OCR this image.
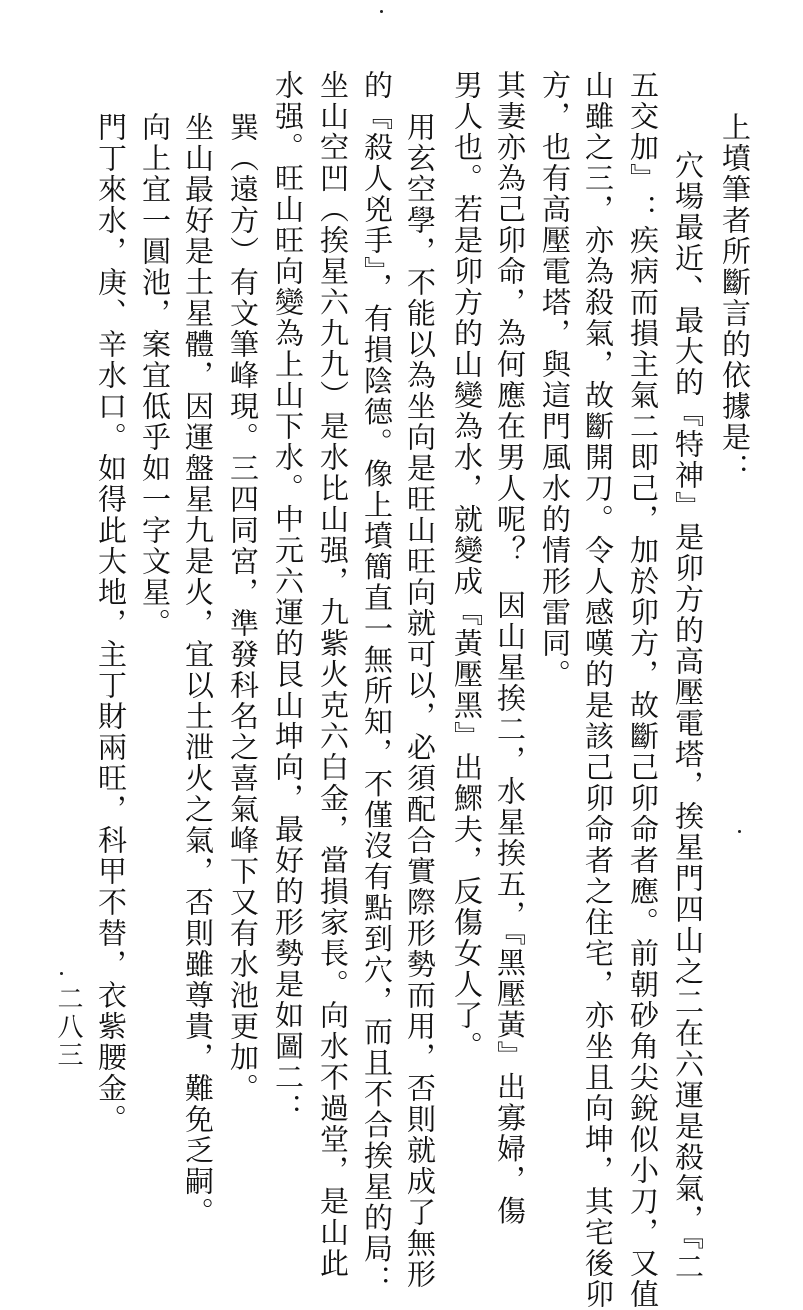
上墳筆者所斷言的依據是：
穴場最近、最大的『特神』是卯方的高壓電塔，挨星門四山之二在六運是殺氣，『二
五交加』：疾病而損主氣二即己，加於卯方，故斷己卯命者應。前朝砂角尖銳似小刀，又值
山雖之三，亦為殺氣，故斷開刀。令人感嘆的是該己卯命者之住宅，亦坐且向坤，其宅後卯
方，也有高壓電塔，與這門風水的情形雷同。
其妻亦為己卯命，為何應在男人呢？
因山星挨二，水星挨五，『黑壓黃』出寡婦，傷
男人也。若是卯方的山變為水，就變成『黃壓黑』出鰥夫，反傷女人了。
用玄空學，不能以為坐向是旺山旺向就可以，必須配合實際形勢而用，否則就成了無形
的『殺人兇手』，有損陰德。像上墳簡直一無所知，不僅沒有點到穴，而且不合挨星的局：
坐山空凹（挨星六九九）是水比山强，九紫火克六白金，當損家長。向水不過堂，是山此
水强。旺山旺向變為上山下水。中元六運的艮山坤向，最好的形勢是如圖二：
巽（遠方）有文筆峰現。三四同宮，準發科名之喜氣峰下又有水池更加。
坐山最好是土星體，因運盤星九是火，宜以土泄火之氣，否則雖尊貴，難免乏嗣。
向上宜一圓池，案宜低乎如一字文星。
門丁來水，庚、辛水口。如得此大地，主丁財兩旺，科甲不替，衣紫腰金。
二八三
